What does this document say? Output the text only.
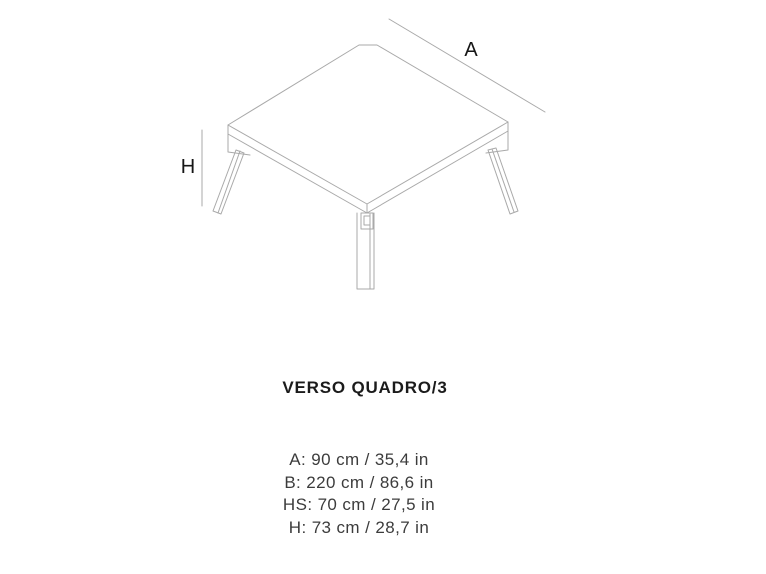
A
H
VERSO QUADRO/3
A: 90 cm / 35,4 in
B: 220 cm / 86,6 in
HS: 70 cm / 27,5 in
H: 73 cm / 28,7 in
